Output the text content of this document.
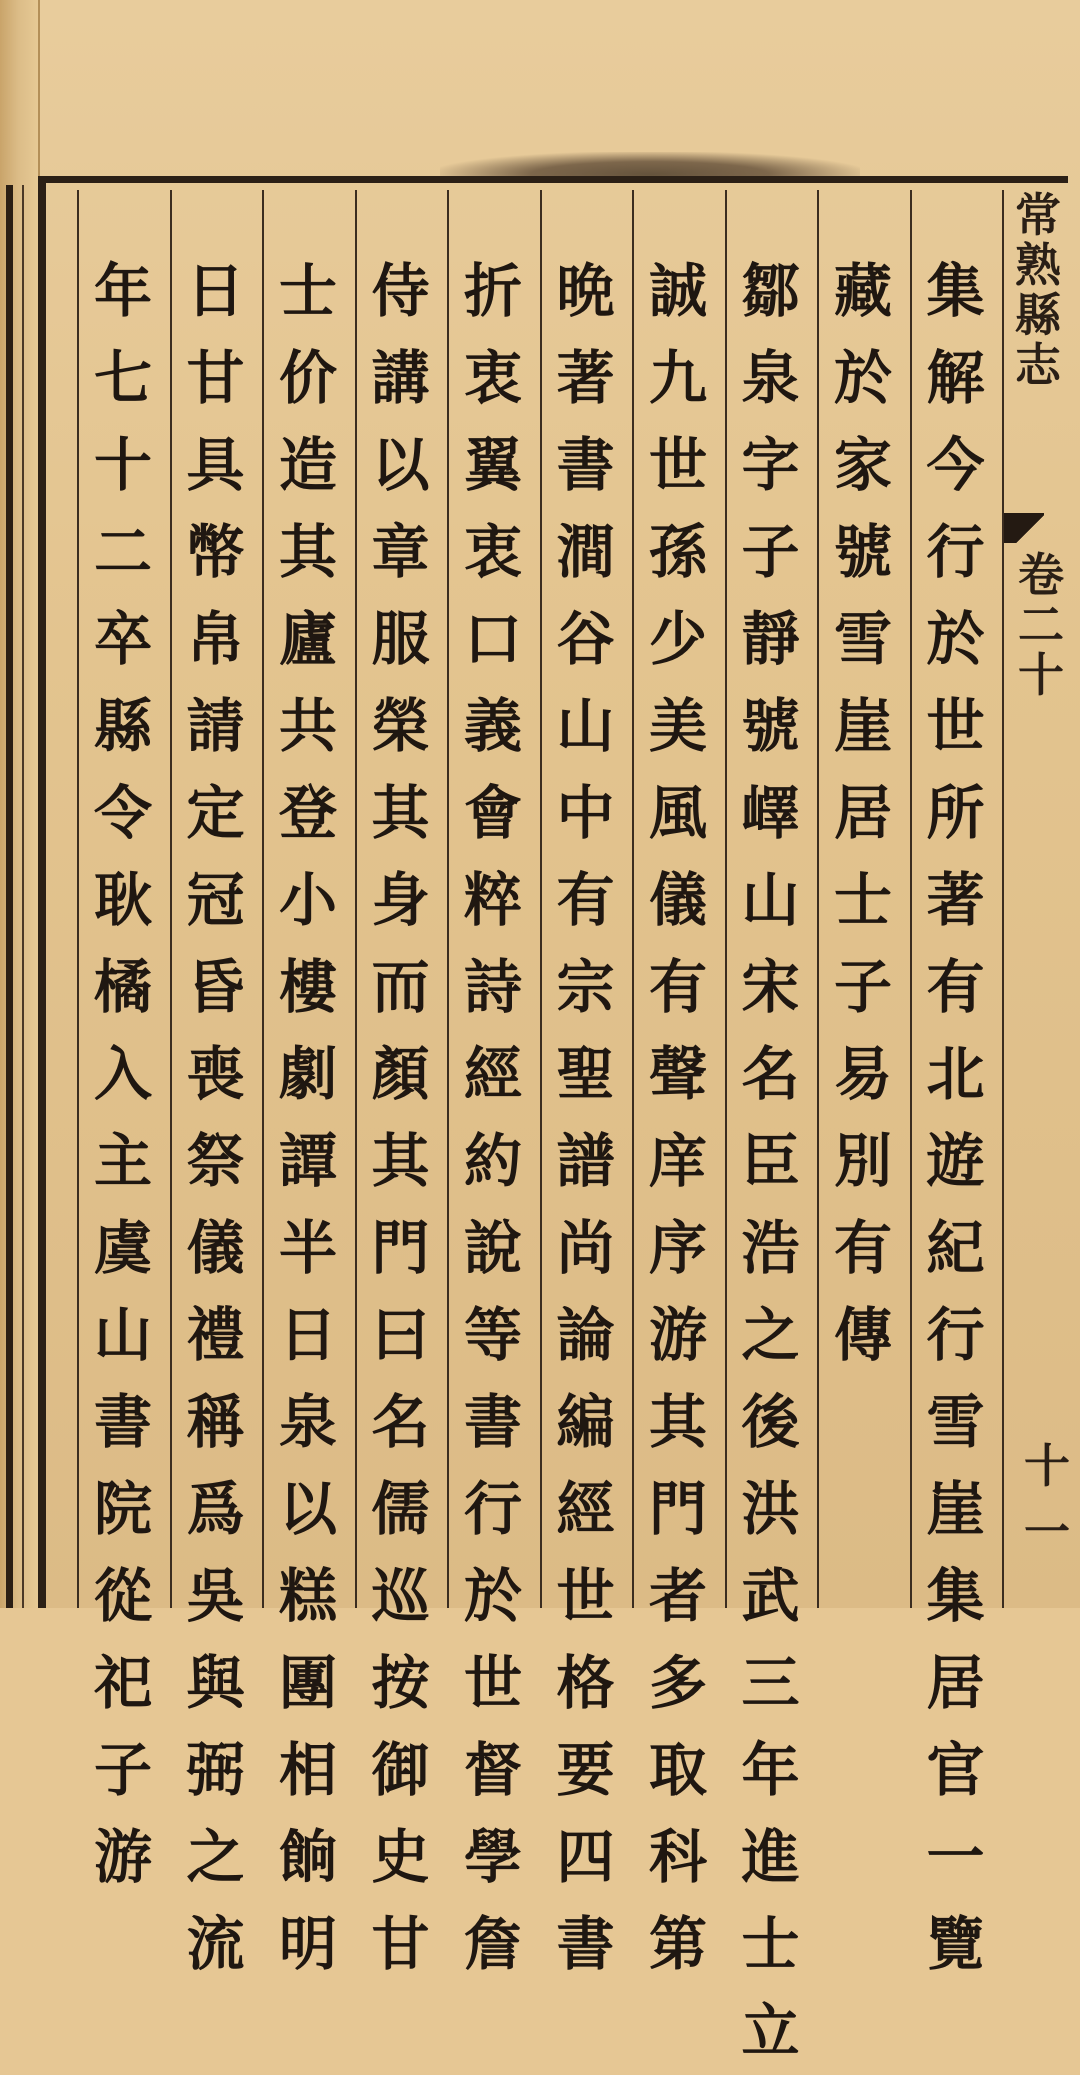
常
熟
縣
志
卷
二
十
十一
集
解
今
行
於
世
所
著
有
北
遊
紀
行
雪
崖
集
居
官
一
覽
藏
於
家
號
雪
崖
居
士
子
易
別
有
傳
鄒
泉
字
子
靜
號
嶧
山
宋
名
臣
浩
之
後
洪
武
三
年
進
士
立
誠
九
世
孫
少
美
風
儀
有
聲
庠
序
游
其
門
者
多
取
科
第
晩
著
書
澗
谷
山
中
有
宗
聖
譜
尚
論
編
經
世
格
要
四
書
折
衷
翼
衷
口
義
會
粹
詩
經
約
說
等
書
行
於
世
督
學
詹
侍
講
以
章
服
榮
其
身
而
顏
其
門
曰
名
儒
巡
按
御
史
甘
士
价
造
其
廬
共
登
小
樓
劇
譚
半
日
泉
以
糕
團
相
餉
明
日
甘
具
幣
帛
請
定
冠
昏
喪
祭
儀
禮
稱
爲
吳
與
弼
之
流
年
七
十
二
卒
縣
令
耿
橘
入
主
虞
山
書
院
從
祀
子
游
